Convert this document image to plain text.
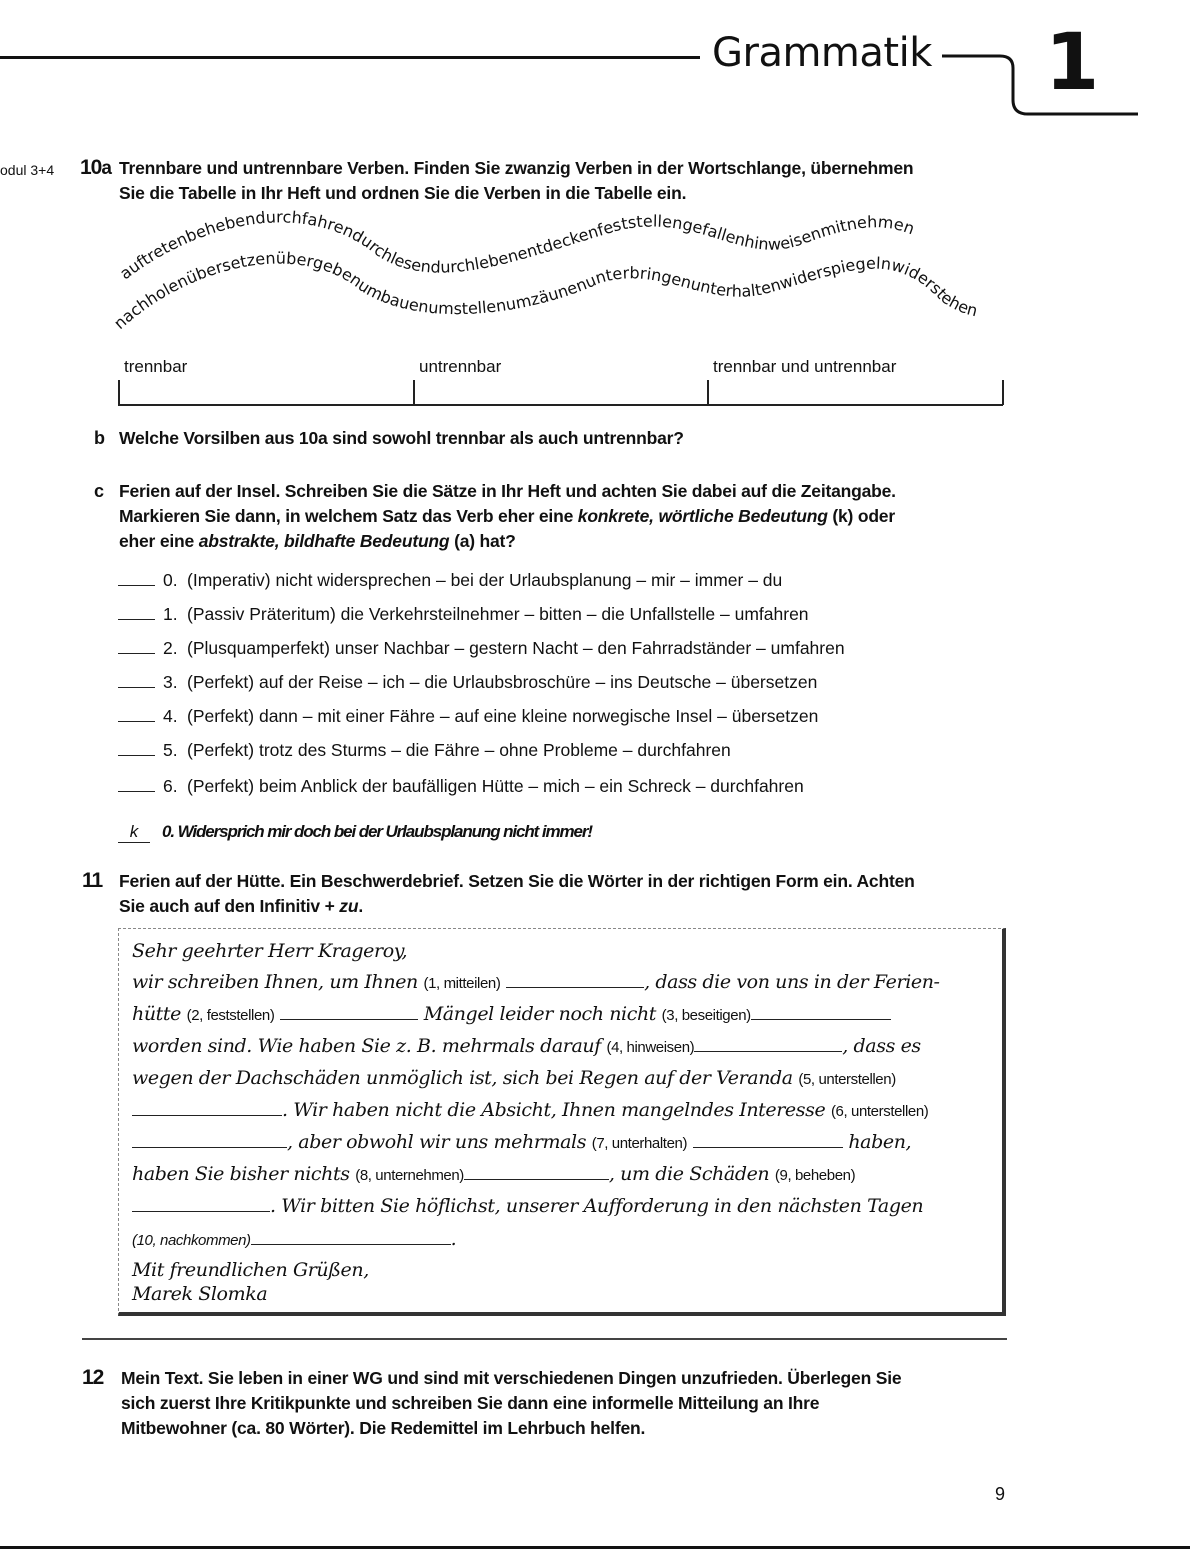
Grammatik 1
odul 3+4 10a Trennbare und untrennbare Verben. Finden Sie zwanzig Verben in der Wortschlange, übernehmen
Sie die Tabelle in Ihr Heft und ordnen Sie die Verben in die Tabelle ein.
auftretenbehebendurchfahrendurchlesendurchlebenentdeckenfeststellengefallenhinweisenmitnehmen
nachholenübersetzenübergebenumbauenumstellenumzäunenunterbringenunterhaltenwiderspiegelnwiderstehen
trennbar	untrennbar	trennbar und untrennbar
b Welche Vorsilben aus 10a sind sowohl trennbar als auch untrennbar?
c Ferien auf der Insel. Schreiben Sie die Sätze in Ihr Heft und achten Sie dabei auf die Zeitangabe.
Markieren Sie dann, in welchem Satz das Verb eher eine konkrete, wörtliche Bedeutung (k) oder
eher eine abstrakte, bildhafte Bedeutung (a) hat?
0. (Imperativ) nicht widersprechen – bei der Urlaubsplanung – mir – immer – du
1. (Passiv Präteritum) die Verkehrsteilnehmer – bitten – die Unfallstelle – umfahren
2. (Plusquamperfekt) unser Nachbar – gestern Nacht – den Fahrradständer – umfahren
3. (Perfekt) auf der Reise – ich – die Urlaubsbroschüre – ins Deutsche – übersetzen
4. (Perfekt) dann – mit einer Fähre – auf eine kleine norwegische Insel – übersetzen
5. (Perfekt) trotz des Sturms – die Fähre – ohne Probleme – durchfahren
6. (Perfekt) beim Anblick der baufälligen Hütte – mich – ein Schreck – durchfahren
k	0. Widersprich mir doch bei der Urlaubsplanung nicht immer!
11 Ferien auf der Hütte. Ein Beschwerdebrief. Setzen Sie die Wörter in der richtigen Form ein. Achten
Sie auch auf den Infinitiv + zu.
Sehr geehrter Herr Krageroy,
wir schreiben Ihnen, um Ihnen (1, mitteilen)	, dass die von uns in der Ferien-
hütte (2, feststellen)	Mängel leider noch nicht (3, beseitigen)
worden sind. Wie haben Sie z. B. mehrmals darauf (4, hinweisen)	, dass es
wegen der Dachschäden unmöglich ist, sich bei Regen auf der Veranda (5, unterstellen)
. Wir haben nicht die Absicht, Ihnen mangelndes Interesse (6, unterstellen)
, aber obwohl wir uns mehrmals (7, unterhalten)	haben,
haben Sie bisher nichts (8, unternehmen)	, um die Schäden (9, beheben)
. Wir bitten Sie höflichst, unserer Aufforderung in den nächsten Tagen
(10, nachkommen)	.
Mit freundlichen Grüßen,
Marek Slomka
12 Mein Text. Sie leben in einer WG und sind mit verschiedenen Dingen unzufrieden. Überlegen Sie
sich zuerst Ihre Kritikpunkte und schreiben Sie dann eine informelle Mitteilung an Ihre
Mitbewohner (ca. 80 Wörter). Die Redemittel im Lehrbuch helfen.
9
